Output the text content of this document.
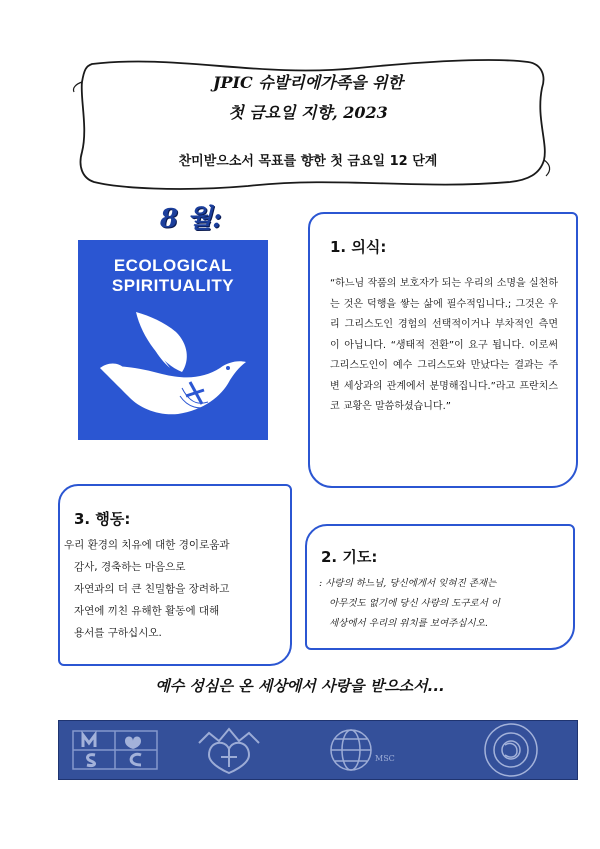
JPIC 슈발리에가족을 위한
첫 금요일 지향, 2023
찬미받으소서 목표를 향한 첫 금요일 12 단계
8 월:
ECOLOGICAL
SPIRITUALITY
1. 의식:
“하느님 작품의 보호자가 되는 우리의 소명을 실천하는 것은 덕행을 쌓는 삶에 필수적입니다.; 그것은 우리 그리스도인 경험의 선택적이거나 부차적인 측면이 아닙니다. “생태적 전환”이 요구 됩니다. 이로써 그리스도인이 예수 그리스도와 만났다는 결과는 주변 세상과의 관계에서 분명해집니다.”라고 프란치스코 교황은 말씀하셨습니다.”
3. 행동:
우리 환경의 치유에 대한 경이로움과
감사, 경축하는 마음으로
자연과의 더 큰 친밀함을 장려하고
자연에 끼친 유해한 활동에 대해
용서를 구하십시오.
2. 기도:
: 사랑의 하느님, 당신에게서 잊혀진 존재는
아무것도 없기에 당신 사랑의 도구로서 이
세상에서 우리의 위치를 보여주십시오.
예수 성심은 온 세상에서 사랑을 받으소서...
MSC
